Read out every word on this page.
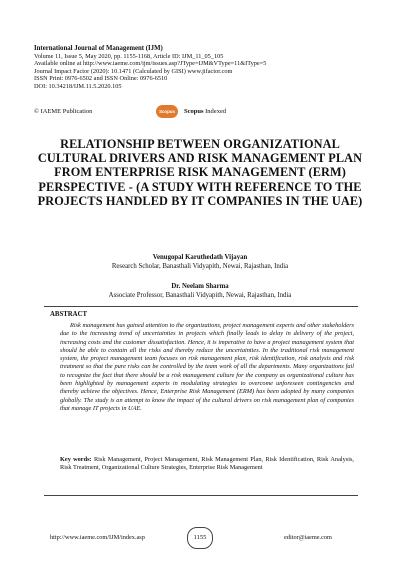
International Journal of Management (IJM)
Volume 11, Issue 5, May 2020, pp. 1155-1168, Article ID: IJM_11_05_105
Available online at http://www.iaeme.com/ijm/issues.asp?JType=IJM&VType=11&IType=5
Journal Impact Factor (2020): 10.1471 (Calculated by GISI) www.jifactor.com
ISSN Print: 0976-6502 and ISSN Online: 0976-6510
DOI: 10.34218/IJM.11.5.2020.105
© IAEME Publication	Scopus	Scopus Indexed
RELATIONSHIP BETWEEN ORGANIZATIONAL CULTURAL DRIVERS AND RISK MANAGEMENT PLAN FROM ENTERPRISE RISK MANAGEMENT (ERM) PERSPECTIVE - (A STUDY WITH REFERENCE TO THE PROJECTS HANDLED BY IT COMPANIES IN THE UAE)
Venugopal Karuthedath Vijayan
Research Scholar, Banasthali Vidyapith, Newai, Rajasthan, India
Dr. Neelam Sharma
Associate Professor, Banasthali Vidyapith, Newai, Rajasthan, India
ABSTRACT

Risk management has gained attention to the organizations, project management experts and other stakeholders due to the increasing trend of uncertainties in projects which finally leads to delay in delivery of the project, increasing costs and the customer dissatisfaction. Hence, it is imperative to have a project management system that should be able to contain all the risks and thereby reduce the uncertainties. In the traditional risk management system, the project management team focuses on risk management plan, risk identification, risk analysis and risk treatment so that the pure risks can be controlled by the team work of all the departments. Many organizations fail to recognize the fact that there should be a risk management culture for the company as organizational culture has been highlighted by management experts in modulating strategies to overcome unforeseen contingencies and thereby achieve the objectives. Hence, Enterprise Risk Management (ERM) has been adopted by many companies globally. The study is an attempt to know the impact of the cultural drivers on risk management plan of companies that manage IT projects in UAE.

Key words: Risk Management, Project Management, Risk Management Plan, Risk Identification, Risk Analysis, Risk Treatment, Organizational Culture Strategies, Enterprise Risk Management

http://www.iaeme.com/IJM/index.asp	1155	editor@iaeme.com
